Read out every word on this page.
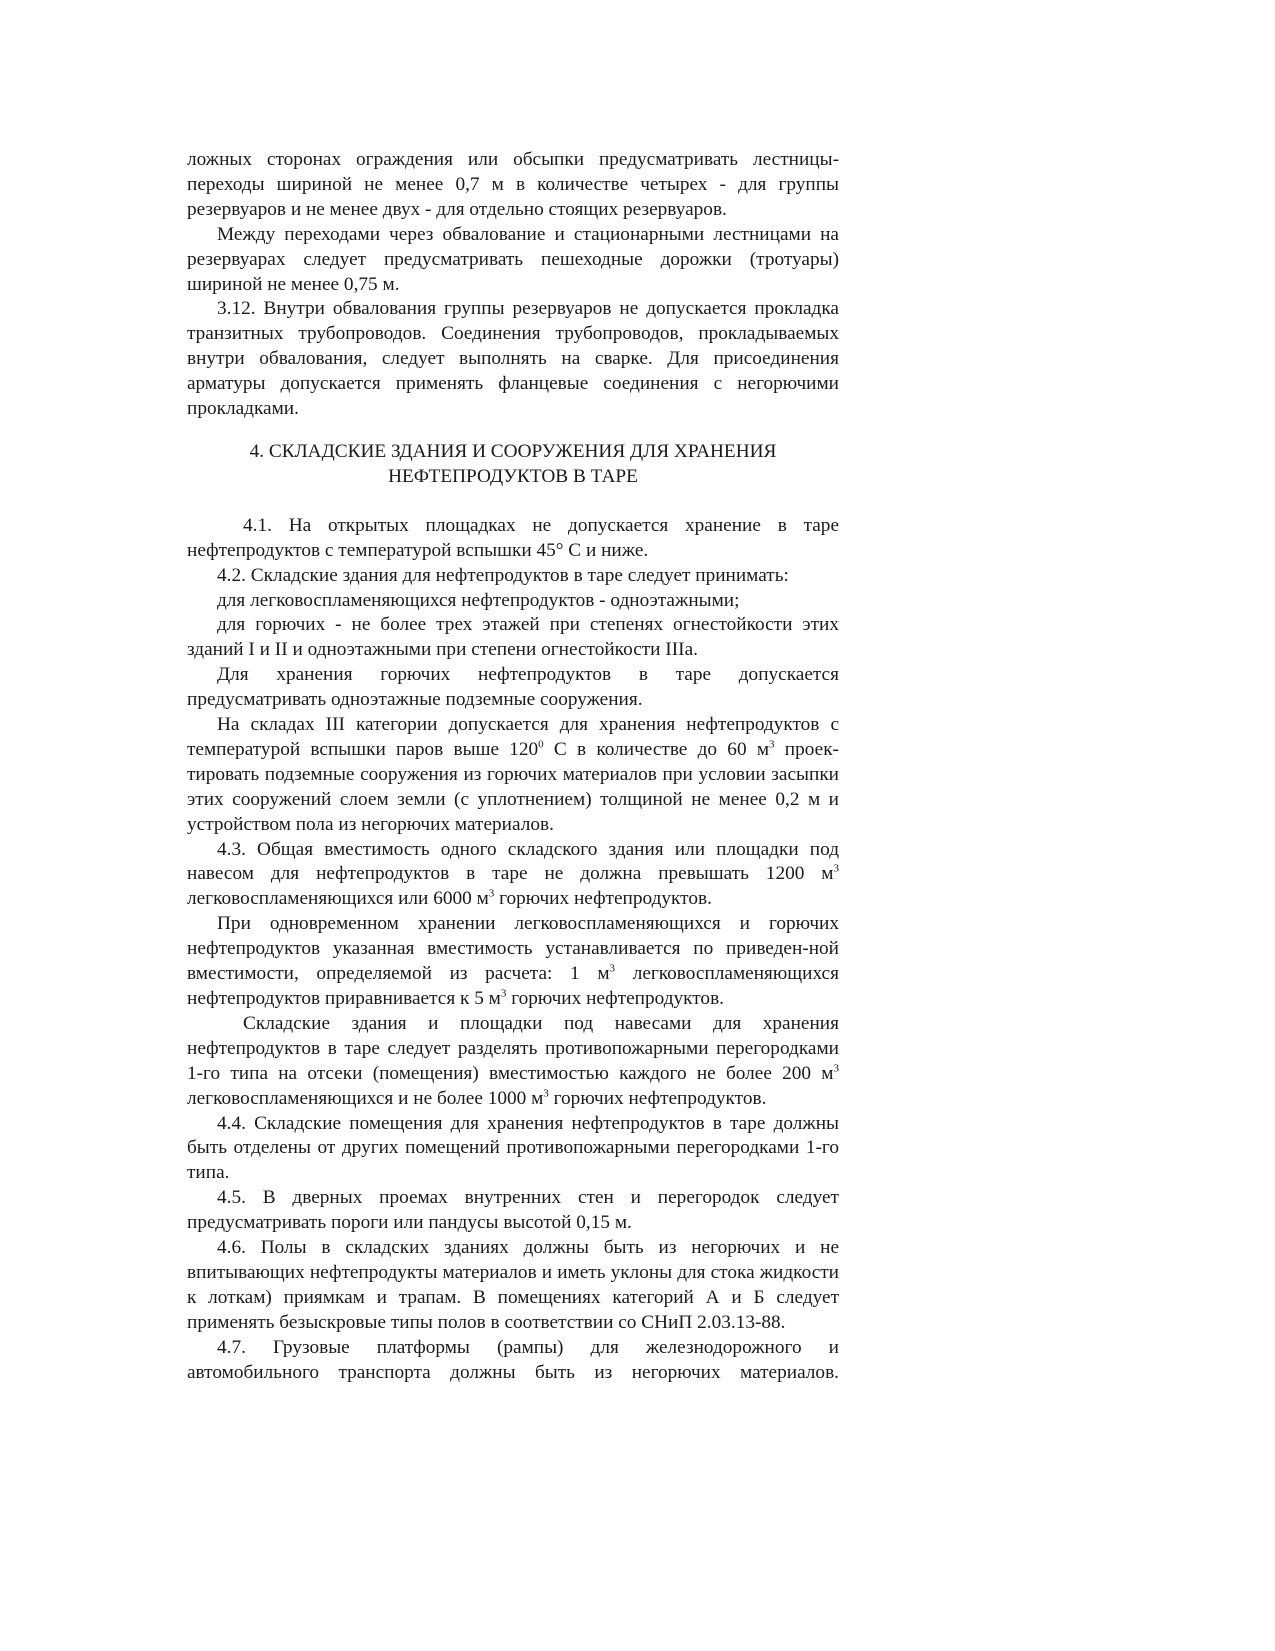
ложных сторонах ограждения или обсыпки предусматривать лестницы-переходы шириной не менее 0,7 м в количестве четырех - для группы резервуаров и не менее двух - для отдельно стоящих резервуаров.

Между переходами через обвалование и стационарными лестницами на резервуарах следует предусматривать пешеходные дорожки (тротуары) шириной не менее 0,75 м.

3.12. Внутри обвалования группы резервуаров не допускается прокладка транзитных трубопроводов. Соединения трубопроводов, прокладываемых внутри обвалования, следует выполнять на сварке. Для присоединения арматуры допускается применять фланцевые соединения с негорючими прокладками.

4. СКЛАДСКИЕ ЗДАНИЯ И СООРУЖЕНИЯ ДЛЯ ХРАНЕНИЯ
НЕФТЕПРОДУКТОВ В ТАРЕ

4.1. На открытых площадках не допускается хранение в таре нефтепродуктов с температурой вспышки 45° С и ниже.

4.2. Складские здания для нефтепродуктов в таре следует принимать:

для легковоспламеняющихся нефтепродуктов - одноэтажными;

для горючих - не более трех этажей при степенях огнестойкости этих зданий I и II и одноэтажными при степени огнестойкости IIIа.

Для хранения горючих нефтепродуктов в таре допускается предусматривать одноэтажные подземные сооружения.

На складах III категории допускается для хранения нефтепродуктов с температурой вспышки паров выше $120^0$ С в количестве до 60 $м^3$ проек-тировать подземные сооружения из горючих материалов при условии засыпки этих сооружений слоем земли (с уплотнением) толщиной не менее 0,2 м и устройством пола из негорючих материалов.

4.3. Общая вместимость одного складского здания или площадки под навесом для нефтепродуктов в таре не должна превышать 1200 $м^3$ легковоспламеняющихся или 6000 $м^3$ горючих нефтепродуктов.

При одновременном хранении легковоспламеняющихся и горючих нефтепродуктов указанная вместимость устанавливается по приведен-ной вместимости, определяемой из расчета: 1 $м^3$ легковоспламеняющихся нефтепродуктов приравнивается к 5 $м^3$ горючих нефтепродуктов.

Складские здания и площадки под навесами для хранения нефтепродуктов в таре следует разделять противопожарными перегородками 1-го типа на отсеки (помещения) вместимостью каждого не более 200 $м^3$ легковоспламеняющихся и не более 1000 $м^3$ горючих нефтепродуктов.

4.4. Складские помещения для хранения нефтепродуктов в таре должны быть отделены от других помещений противопожарными перегородками 1-го типа.

4.5. В дверных проемах внутренних стен и перегородок следует предусматривать пороги или пандусы высотой 0,15 м.

4.6. Полы в складских зданиях должны быть из негорючих и не впитывающих нефтепродукты материалов и иметь уклоны для стока жидкости к лоткам) приямкам и трапам. В помещениях категорий А и Б следует применять безыскровые типы полов в соответствии со СНиП 2.03.13-88.

4.7. Грузовые платформы (рампы) для железнодорожного и автомобильного транспорта должны быть из негорючих материалов.
